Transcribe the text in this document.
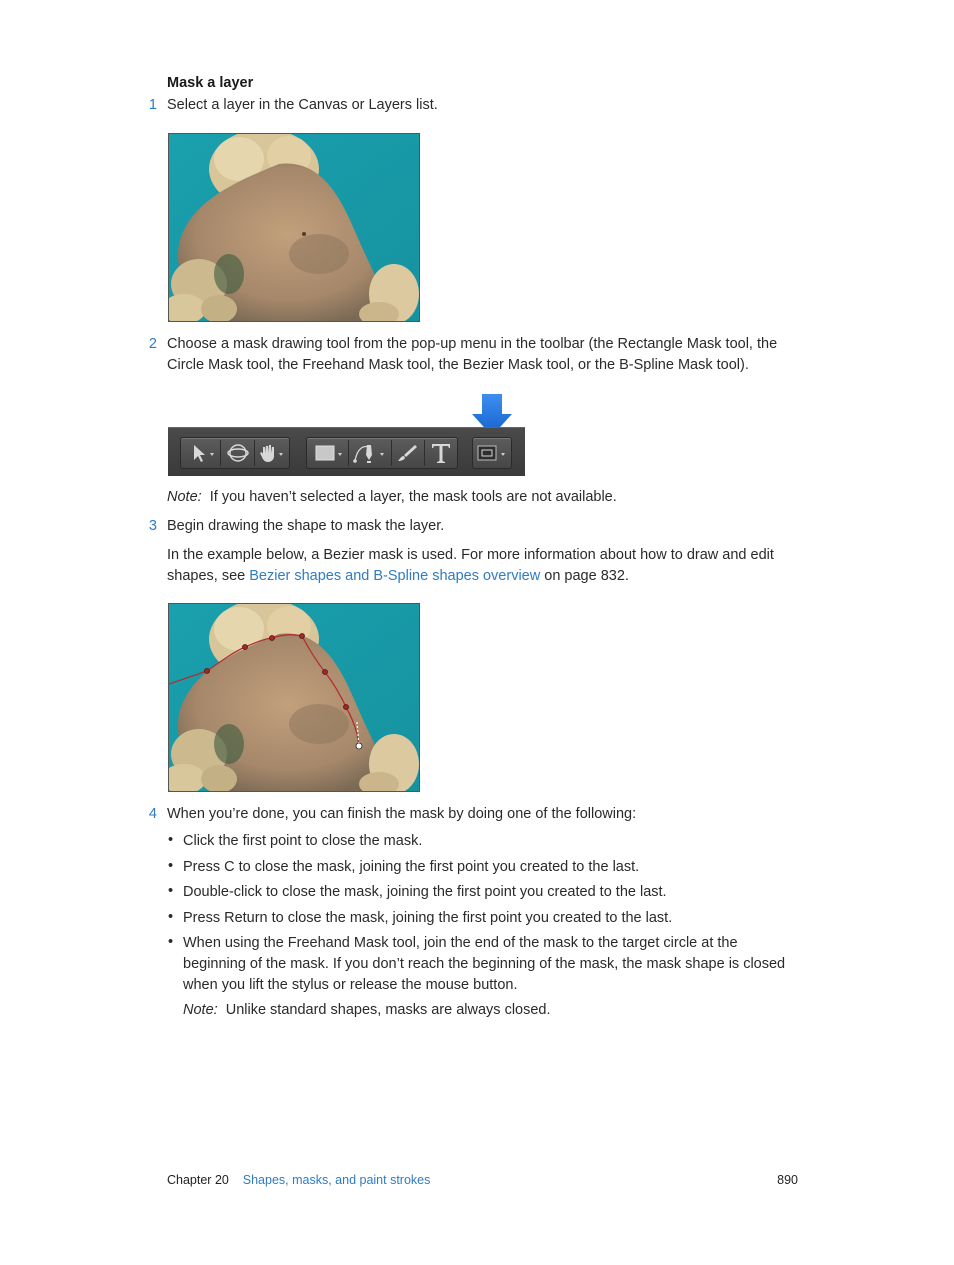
Mask a layer
1 Select a layer in the Canvas or Layers list.
2 Choose a mask drawing tool from the pop-up menu in the toolbar (the Rectangle Mask tool, the Circle Mask tool, the Freehand Mask tool, the Bezier Mask tool, or the B-Spline Mask tool).
Note: If you haven’t selected a layer, the mask tools are not available.
3 Begin drawing the shape to mask the layer.
In the example below, a Bezier mask is used. For more information about how to draw and edit shapes, see Bezier shapes and B-Spline shapes overview on page 832.
4 When you’re done, you can finish the mask by doing one of the following:
• Click the first point to close the mask.
• Press C to close the mask, joining the first point you created to the last.
• Double-click to close the mask, joining the first point you created to the last.
• Press Return to close the mask, joining the first point you created to the last.
• When using the Freehand Mask tool, join the end of the mask to the target circle at the beginning of the mask. If you don’t reach the beginning of the mask, the mask shape is closed when you lift the stylus or release the mouse button.
Note: Unlike standard shapes, masks are always closed.
Chapter 20 Shapes, masks, and paint strokes	890
